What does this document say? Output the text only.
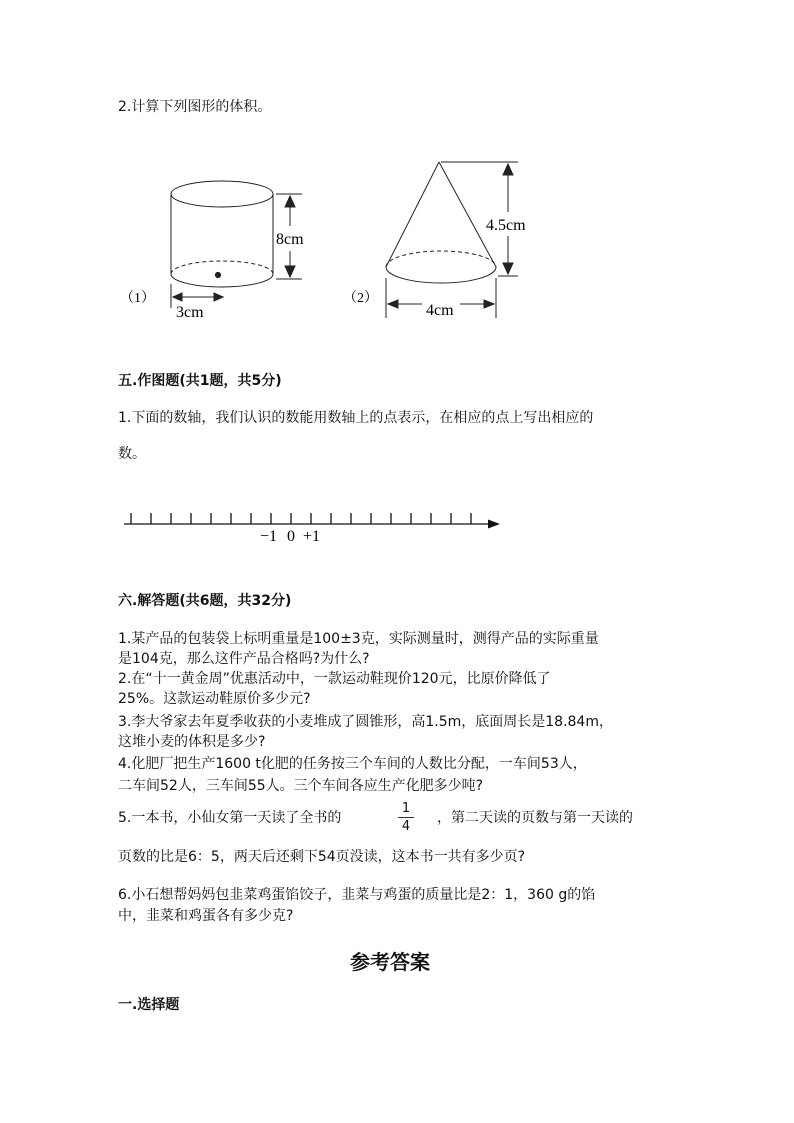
2.计算下列图形的体积。
（1）
8cm
3cm
（2）
4.5cm
4cm
五.作图题(共1题，共5分)
1.下面的数轴，我们认识的数能用数轴上的点表示，在相应的点上写出相应的
数。
−1 0 +1
六.解答题(共6题，共32分)
1.某产品的包装袋上标明重量是100±3克，实际测量时，测得产品的实际重量
是104克，那么这件产品合格吗?为什么?
2.在“十一黄金周”优惠活动中，一款运动鞋现价120元，比原价降低了
25%。这款运动鞋原价多少元?
3.李大爷家去年夏季收获的小麦堆成了圆锥形，高1.5m，底面周长是18.84m，
这堆小麦的体积是多少?
4.化肥厂把生产1600 t化肥的任务按三个车间的人数比分配，一车间53人，
二车间52人，三车间55人。三个车间各应生产化肥多少吨?
5.一本书，小仙女第一天读了全书的
1
4
，第二天读的页数与第一天读的
页数的比是6：5，两天后还剩下54页没读，这本书一共有多少页?
6.小石想帮妈妈包韭菜鸡蛋馅饺子，韭菜与鸡蛋的质量比是2：1，360 g的馅
中，韭菜和鸡蛋各有多少克?
参考答案
一.选择题
